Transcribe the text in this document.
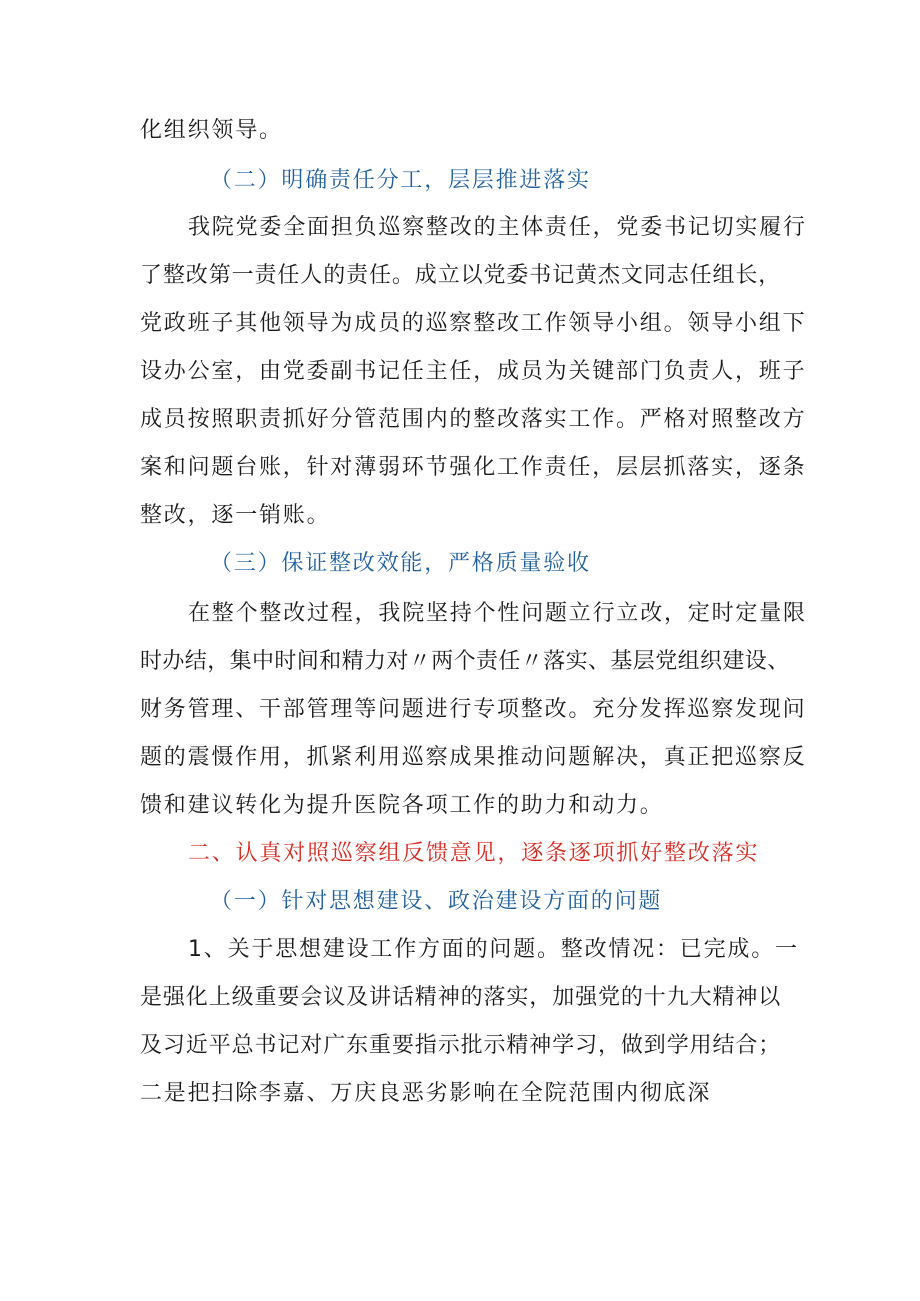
化组织领导。
（二）明确责任分工，层层推进落实
我院党委全面担负巡察整改的主体责任，党委书记切实履行
了整改第一责任人的责任。成立以党委书记黄杰文同志任组长，
党政班子其他领导为成员的巡察整改工作领导小组。领导小组下
设办公室，由党委副书记任主任，成员为关键部门负责人，班子
成员按照职责抓好分管范围内的整改落实工作。严格对照整改方
案和问题台账，针对薄弱环节强化工作责任，层层抓落实，逐条
整改，逐一销账。
（三）保证整改效能，严格质量验收
在整个整改过程，我院坚持个性问题立行立改，定时定量限
时办结，集中时间和精力对〃两个责任〃落实、基层党组织建设、
财务管理、干部管理等问题进行专项整改。充分发挥巡察发现问
题的震慑作用，抓紧利用巡察成果推动问题解决，真正把巡察反
馈和建议转化为提升医院各项工作的助力和动力。
二、认真对照巡察组反馈意见，逐条逐项抓好整改落实
（一）针对思想建设、政治建设方面的问题
1、关于思想建设工作方面的问题。整改情况：已完成。一
是强化上级重要会议及讲话精神的落实，加强党的十九大精神以
及习近平总书记对广东重要指示批示精神学习，做到学用结合；
二是把扫除李嘉、万庆良恶劣影响在全院范围内彻底深
